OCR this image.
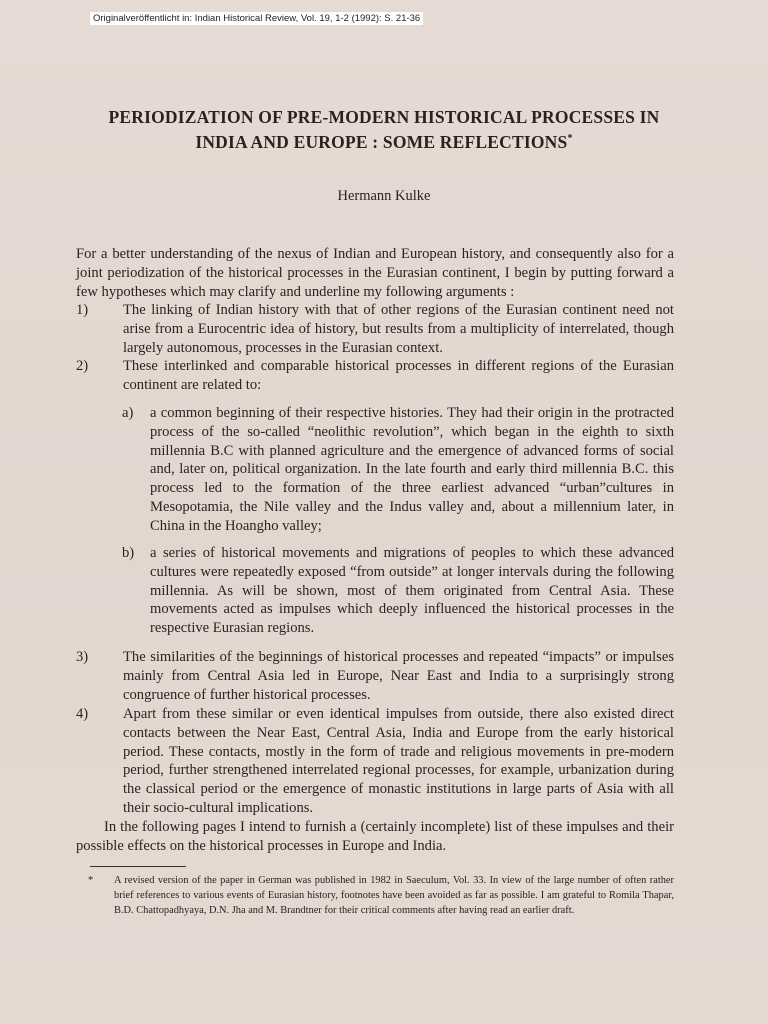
Originalveröffentlicht in: Indian Historical Review, Vol. 19, 1-2 (1992): S. 21-36
PERIODIZATION OF PRE-MODERN HISTORICAL PROCESSES IN
INDIA AND EUROPE : SOME REFLECTIONS*
Hermann Kulke
For a better understanding of the nexus of Indian and European history, and consequently also for a joint periodization of the historical processes in the Eurasian continent, I begin by putting forward a few hypotheses which may clarify and underline my following arguments :
1) The linking of Indian history with that of other regions of the Eurasian continent need not arise from a Eurocentric idea of history, but results from a multiplicity of interrelated, though largely autonomous, processes in the Eurasian context.
2) These interlinked and comparable historical processes in different regions of the Eurasian continent are related to:
a) a common beginning of their respective histories. They had their origin in the protracted process of the so-called “neolithic revolution”, which began in the eighth to sixth millennia B.C with planned agriculture and the emergence of advanced forms of social and, later on, political organization. In the late fourth and early third millennia B.C. this process led to the formation of the three earliest advanced “urban”cultures in Mesopotamia, the Nile valley and the Indus valley and, about a millennium later, in China in the Hoangho valley;
b) a series of historical movements and migrations of peoples to which these advanced cultures were repeatedly exposed “from outside” at longer intervals during the following millennia. As will be shown, most of them originated from Central Asia. These movements acted as impulses which deeply influenced the historical processes in the respective Eurasian regions.
3) The similarities of the beginnings of historical processes and repeated “impacts” or impulses mainly from Central Asia led in Europe, Near East and India to a surprisingly strong congruence of further historical processes.
4) Apart from these similar or even identical impulses from outside, there also existed direct contacts between the Near East, Central Asia, India and Europe from the early historical period. These contacts, mostly in the form of trade and religious movements in pre-modern period, further strengthened interrelated regional processes, for example, urbanization during the classical period or the emergence of monastic institutions in large parts of Asia with all their socio-cultural implications.
In the following pages I intend to furnish a (certainly incomplete) list of these impulses and their possible effects on the historical processes in Europe and India.
* A revised version of the paper in German was published in 1982 in Saeculum, Vol. 33. In view of the large number of often rather brief references to various events of Eurasian history, footnotes have been avoided as far as possible. I am grateful to Romila Thapar, B.D. Chattopadhyaya, D.N. Jha and M. Brandtner for their critical comments after having read an earlier draft.
